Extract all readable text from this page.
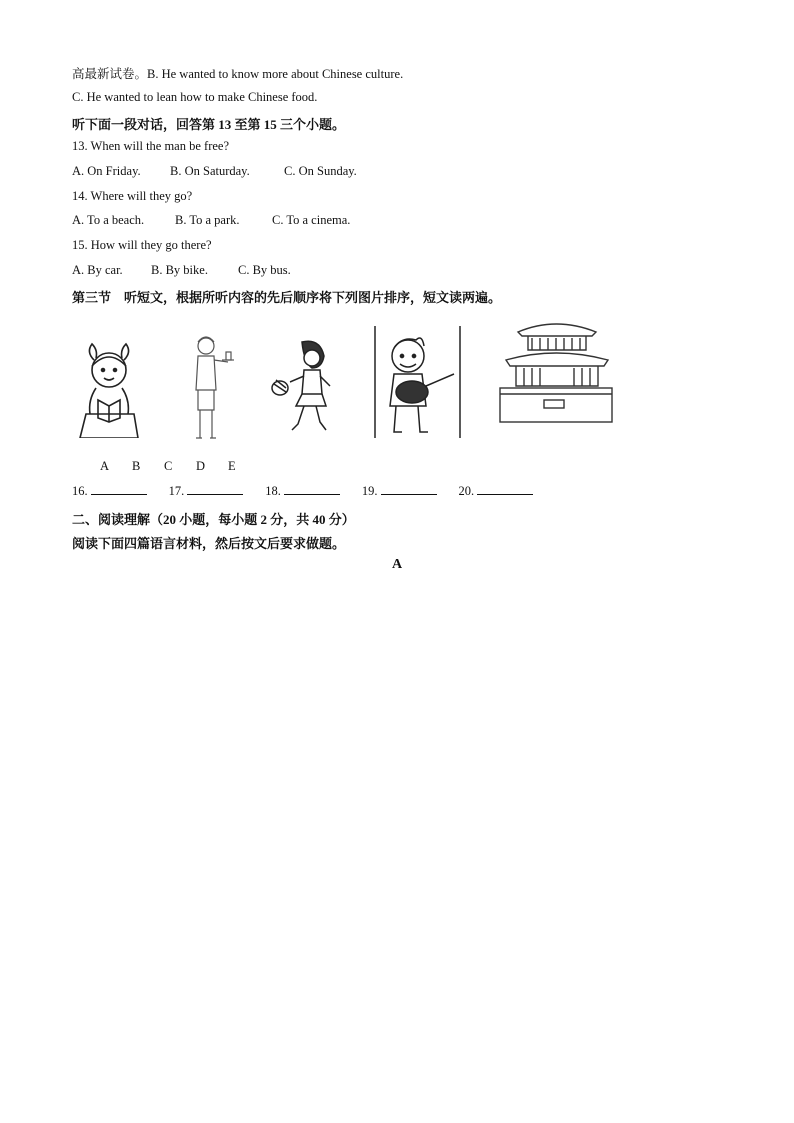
高最新试卷。B. He wanted to know more about Chinese culture.
C. He wanted to lean how to make Chinese food.
听下面一段对话，回答第 13 至第 15 三个小题。
13. When will the man be free?
A. On Friday. B. On Saturday.	C. On Sunday.
14. Where will they go?
A. To a beach. B. To a park.	C. To a cinema.
15. How will they go there?
A. By car. B. By bike. C. By bus.
第三节　听短文，根据所听内容的先后顺序将下列图片排序，短文读两遍。
A B C D E
16.	17.	18.	19.	20.
二、阅读理解（20 小题，每小题 2 分，共 40 分）
阅读下面四篇语言材料，然后按文后要求做题。
A
